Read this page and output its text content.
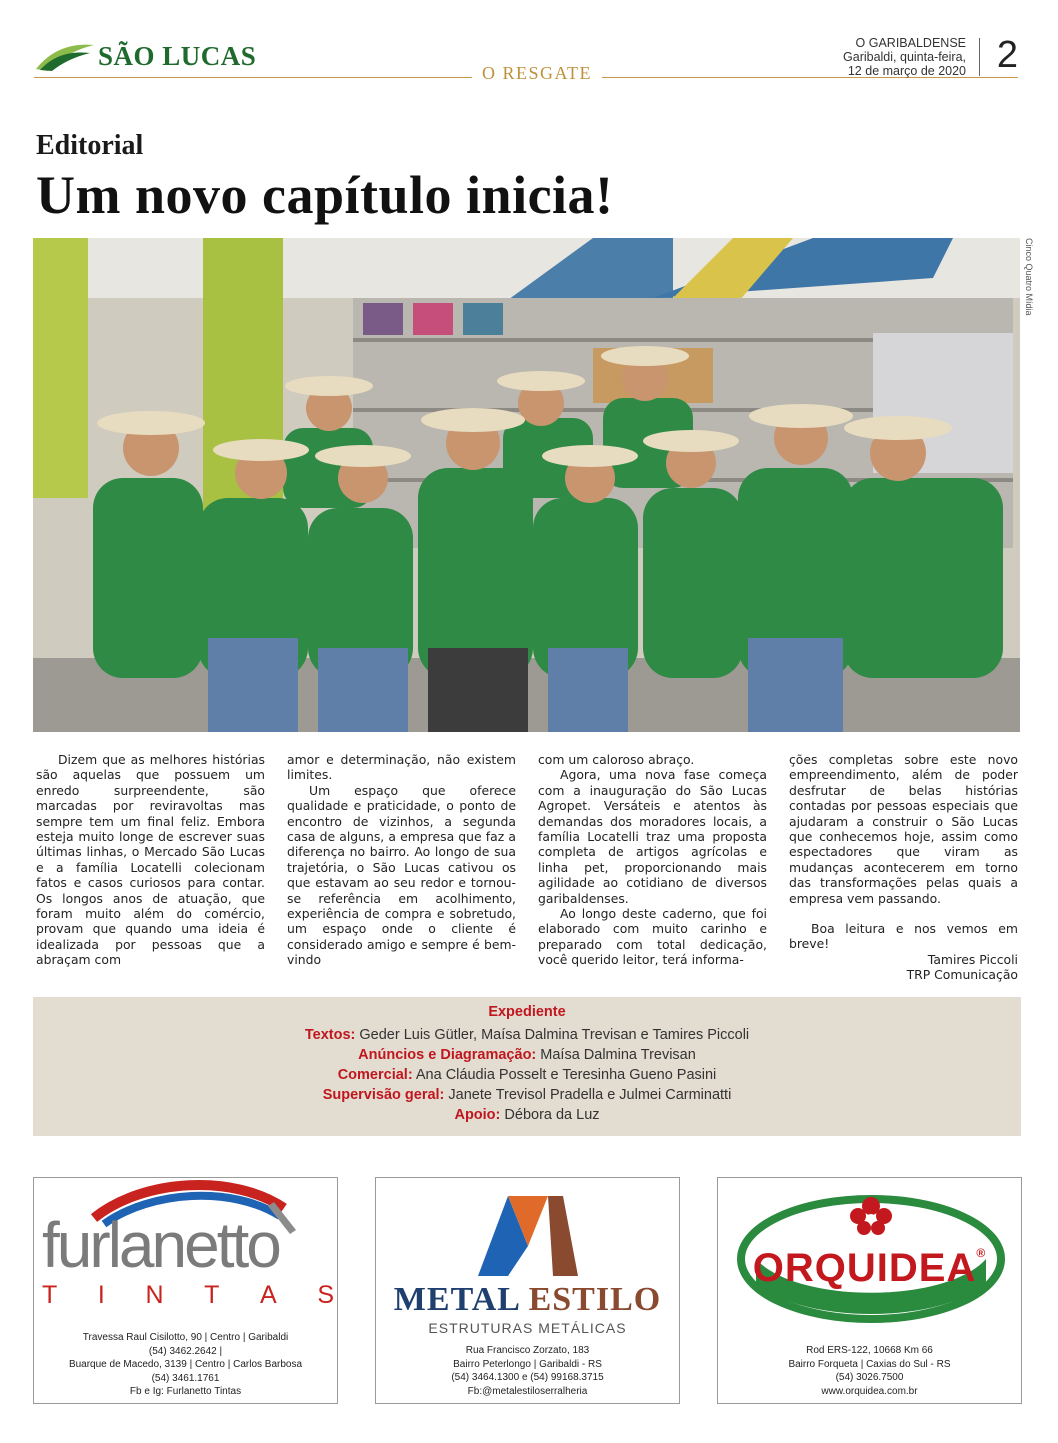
SÃO LUCAS
O RESGATE
O GARIBALDENSE
Garibaldi, quinta-feira,
12 de março de 2020 2
Editorial
Um novo capítulo inicia!
Cinco Quatro Mídia

Dizem que as melhores histórias são aquelas que possuem um enredo surpreendente, são marcadas por reviravoltas mas sempre tem um final feliz. Embora esteja muito longe de escrever suas últimas linhas, o Mercado São Lucas e a família Locatelli colecionam fatos e casos curiosos para contar. Os longos anos de atuação, que foram muito além do comércio, provam que quando uma ideia é idealizada por pessoas que a abraçam com

amor e determinação, não existem limites.

Um espaço que oferece qualidade e praticidade, o ponto de encontro de vizinhos, a segunda casa de alguns, a empresa que faz a diferença no bairro. Ao longo de sua trajetória, o São Lucas cativou os que estavam ao seu redor e tornou-se referência em acolhimento, experiência de compra e sobretudo, um espaço onde o cliente é considerado amigo e sempre é bem-vindo

com um caloroso abraço.

Agora, uma nova fase começa com a inauguração do São Lucas Agropet. Versáteis e atentos às demandas dos moradores locais, a família Locatelli traz uma proposta completa de artigos agrícolas e linha pet, proporcionando mais agilidade ao cotidiano de diversos garibaldenses.

Ao longo deste caderno, que foi elaborado com muito carinho e preparado com total dedicação, você querido leitor, terá informa-

ções completas sobre este novo empreendimento, além de poder desfrutar de belas histórias contadas por pessoas especiais que ajudaram a construir o São Lucas que conhecemos hoje, assim como espectadores que viram as mudanças acontecerem em torno das transformações pelas quais a empresa vem passando.

Boa leitura e nos vemos em breve!

Tamires Piccoli

TRP Comunicação

Expediente
Textos: Geder Luis Gütler, Maísa Dalmina Trevisan e Tamires Piccoli
Anúncios e Diagramação: Maísa Dalmina Trevisan
Comercial: Ana Cláudia Posselt e Teresinha Gueno Pasini
Supervisão geral: Janete Trevisol Pradella e Julmei Carminatti
Apoio: Débora da Luz
furlanetto
T I N T A S
Travessa Raul Cisilotto, 90 | Centro | Garibaldi
(54) 3462.2642 |
Buarque de Macedo, 3139 | Centro | Carlos Barbosa
(54) 3461.1761
Fb e Ig: Furlanetto Tintas
METAL ESTILO
ESTRUTURAS METÁLICAS
Rua Francisco Zorzato, 183
Bairro Peterlongo | Garibaldi - RS
(54) 3464.1300 e (54) 99168.3715
Fb:@metalestiloserralheria
ORQUIDEA®
Rod ERS-122, 10668 Km 66
Bairro Forqueta | Caxias do Sul - RS
(54) 3026.7500
www.orquidea.com.br
